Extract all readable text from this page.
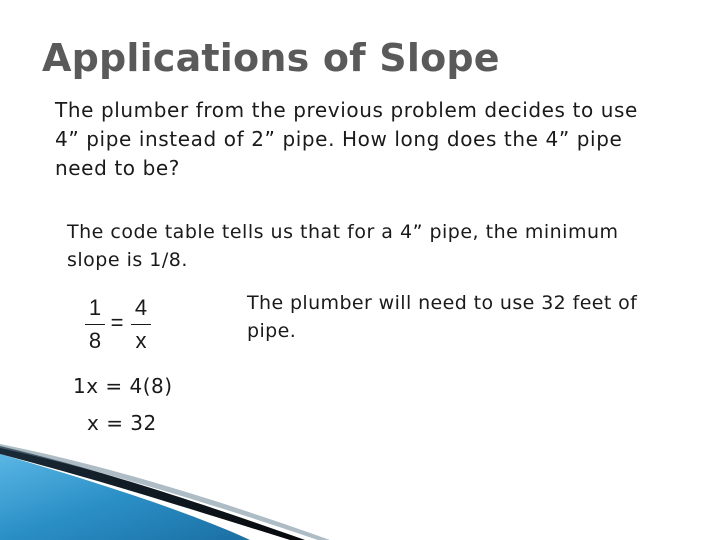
Applications of Slope

The plumber from the previous problem decides to use 4” pipe instead of 2” pipe. How long does the 4” pipe need to be?

The code table tells us that for a 4” pipe, the minimum slope is 1/8.

1
8
=
4
x

1x = 4(8)

x = 32

The plumber will need to use 32 feet of pipe.
